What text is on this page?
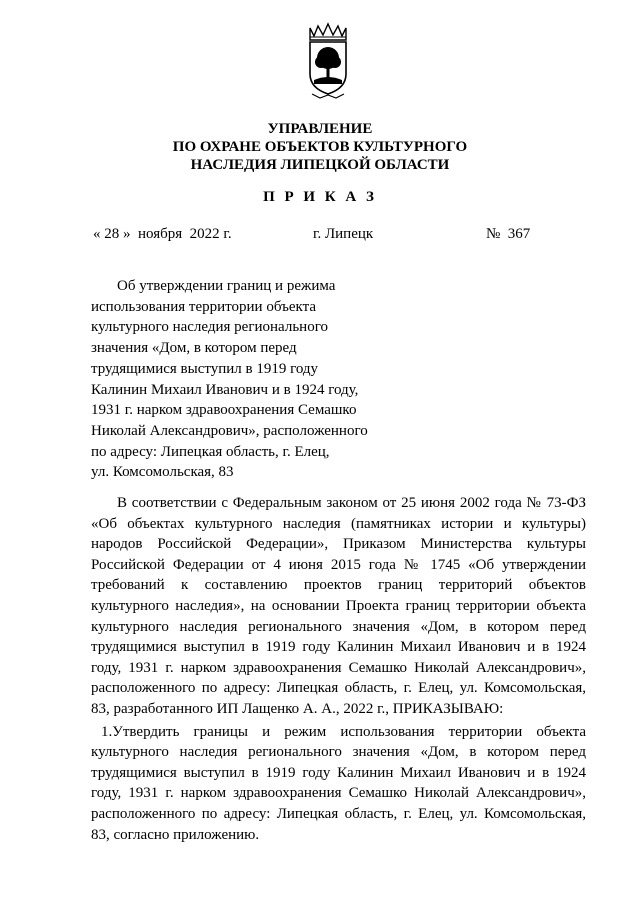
УПРАВЛЕНИЕ
ПО ОХРАНЕ ОБЪЕКТОВ КУЛЬТУРНОГО
НАСЛЕДИЯ ЛИПЕЦКОЙ ОБЛАСТИ
П Р И К А З
« 28 »  ноября  2022 г.	г. Липецк	№  367
Об утверждении границ и режима
использования территории объекта
культурного наследия регионального
значения «Дом, в котором перед
трудящимися выступил в 1919 году
Калинин Михаил Иванович и в 1924 году,
1931 г. нарком здравоохранения Семашко
Николай Александрович», расположенного
по адресу: Липецкая область, г. Елец,
ул. Комсомольская, 83
В соответствии с Федеральным законом от 25 июня 2002 года № 73-ФЗ
«Об объектах культурного наследия (памятниках истории и культуры)
народов Российской Федерации», Приказом Министерства культуры
Российской Федерации от 4 июня 2015 года № 1745 «Об утверждении
требований к составлению проектов границ территорий объектов
культурного наследия», на основании Проекта границ территории объекта
культурного наследия регионального значения «Дом, в котором перед
трудящимися выступил в 1919 году Калинин Михаил Иванович и в 1924
году, 1931 г. нарком здравоохранения Семашко Николай Александрович»,
расположенного по адресу: Липецкая область, г. Елец, ул. Комсомольская,
83, разработанного ИП Лащенко А. А., 2022 г., ПРИКАЗЫВАЮ:
1.Утвердить границы и режим использования территории объекта
культурного наследия регионального значения «Дом, в котором перед
трудящимися выступил в 1919 году Калинин Михаил Иванович и в 1924
году, 1931 г. нарком здравоохранения Семашко Николай Александрович»,
расположенного по адресу: Липецкая область, г. Елец, ул. Комсомольская,
83, согласно приложению.
